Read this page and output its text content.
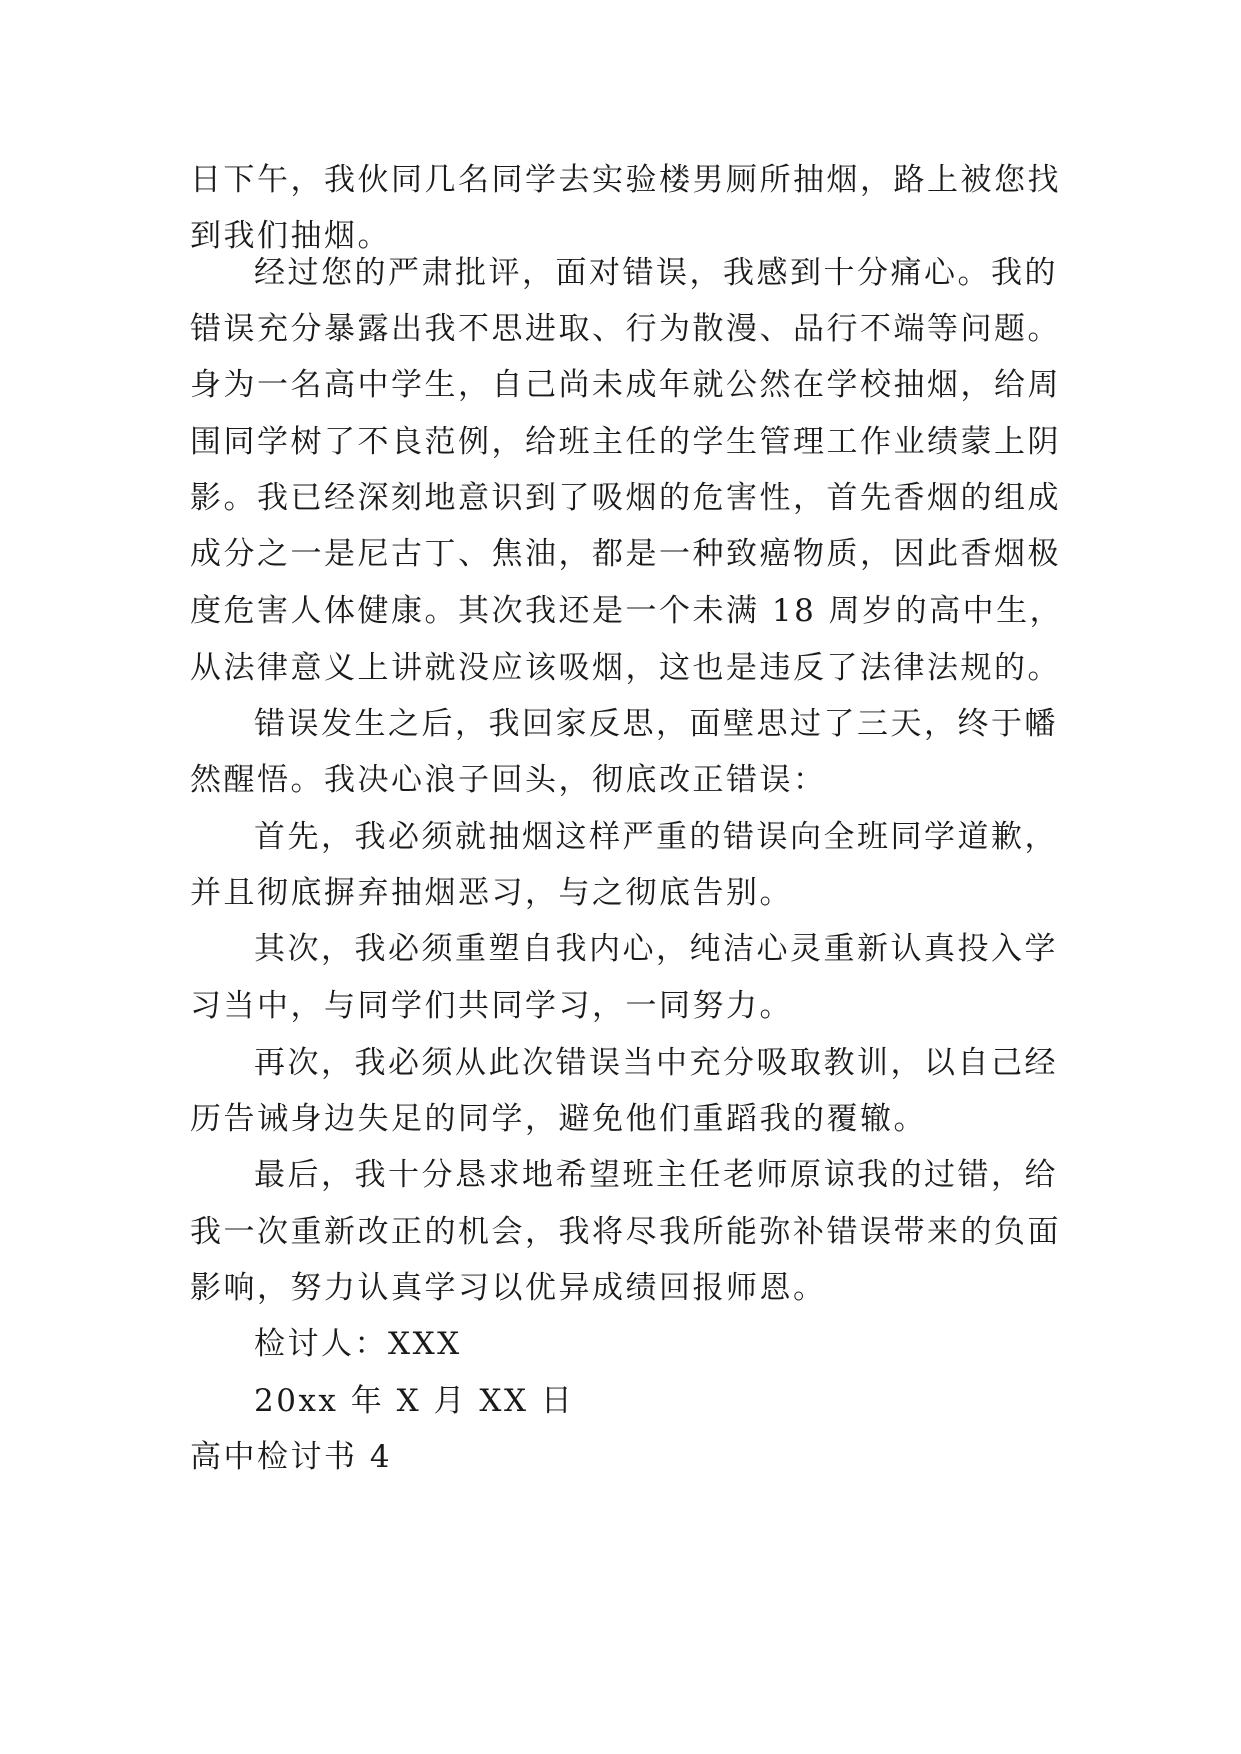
日下午，我伙同几名同学去实验楼男厕所抽烟，路上被您找
到我们抽烟。
经过您的严肃批评，面对错误，我感到十分痛心。我的
错误充分暴露出我不思进取、行为散漫、品行不端等问题。
身为一名高中学生，自己尚未成年就公然在学校抽烟，给周
围同学树了不良范例，给班主任的学生管理工作业绩蒙上阴
影。我已经深刻地意识到了吸烟的危害性，首先香烟的组成
成分之一是尼古丁、焦油，都是一种致癌物质，因此香烟极
度危害人体健康。其次我还是一个未满 18 周岁的高中生，
从法律意义上讲就没应该吸烟，这也是违反了法律法规的。
错误发生之后，我回家反思，面壁思过了三天，终于幡
然醒悟。我决心浪子回头，彻底改正错误：
首先，我必须就抽烟这样严重的错误向全班同学道歉，
并且彻底摒弃抽烟恶习，与之彻底告别。
其次，我必须重塑自我内心，纯洁心灵重新认真投入学
习当中，与同学们共同学习，一同努力。
再次，我必须从此次错误当中充分吸取教训，以自己经
历告诫身边失足的同学，避免他们重蹈我的覆辙。
最后，我十分恳求地希望班主任老师原谅我的过错，给
我一次重新改正的机会，我将尽我所能弥补错误带来的负面
影响，努力认真学习以优异成绩回报师恩。
检讨人：XXX
20xx 年 X 月 XX 日
高中检讨书 4
